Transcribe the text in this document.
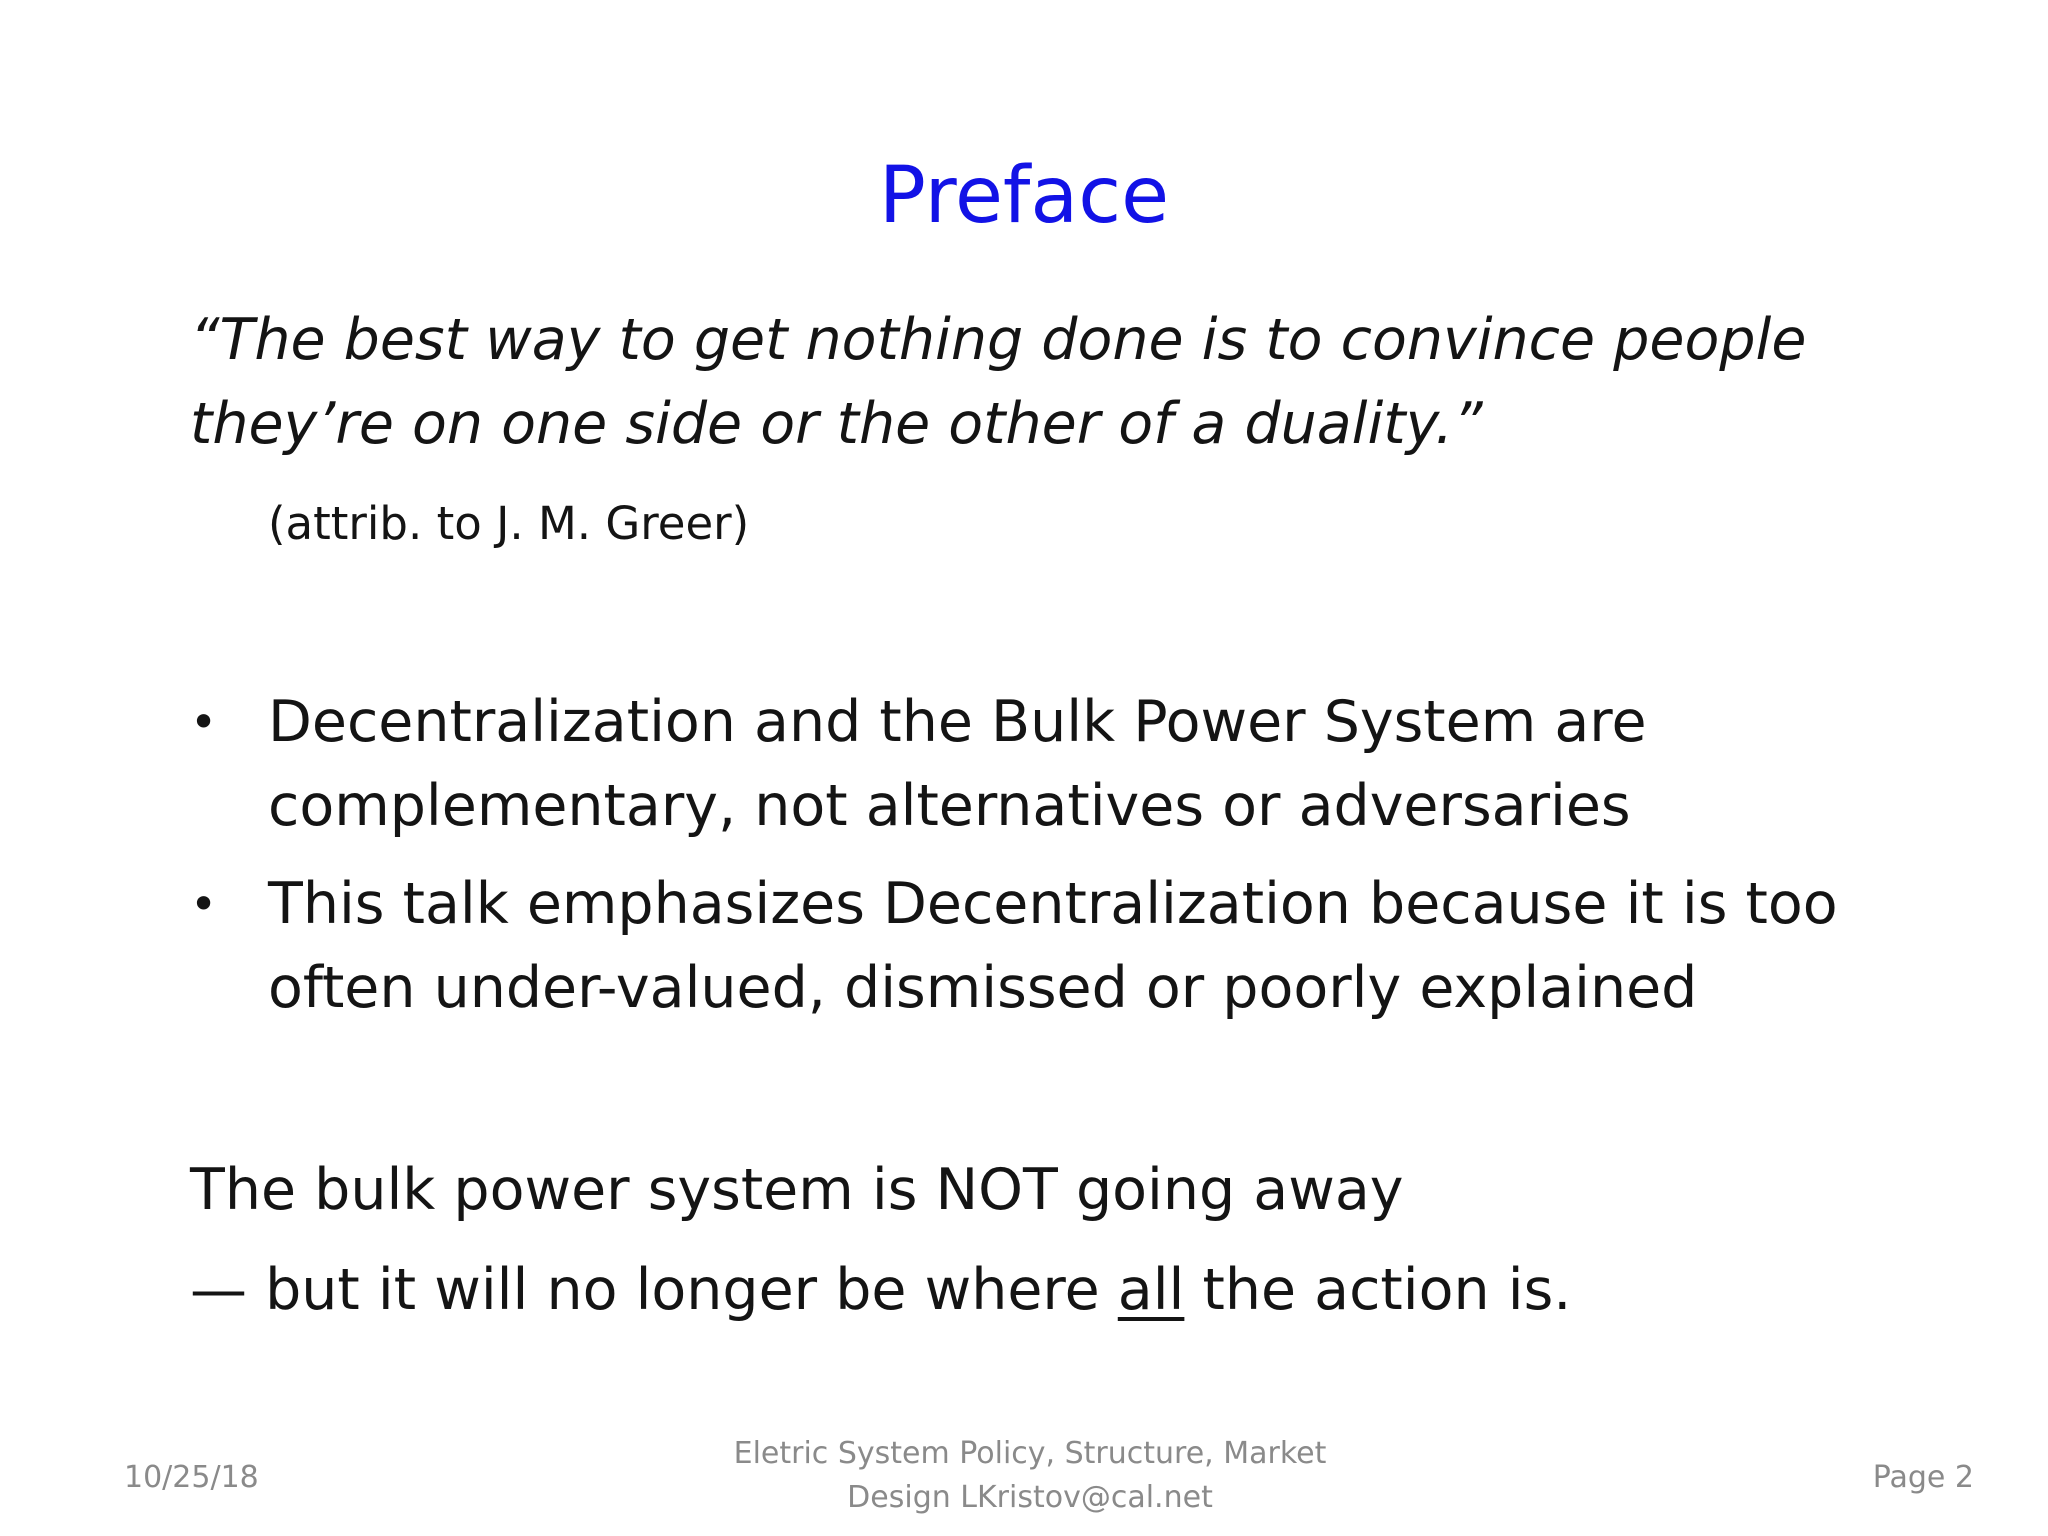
Preface
“The best way to get nothing done is to convince people
they’re on one side or the other of a duality.”
(attrib. to J. M. Greer)
• Decentralization and the Bulk Power System are
complementary, not alternatives or adversaries
• This talk emphasizes Decentralization because it is too
often under-valued, dismissed or poorly explained
The bulk power system is NOT going away
— but it will no longer be where all the action is.
10/25/18
Eletric System Policy, Structure, Market
Design LKristov@cal.net
Page 2
